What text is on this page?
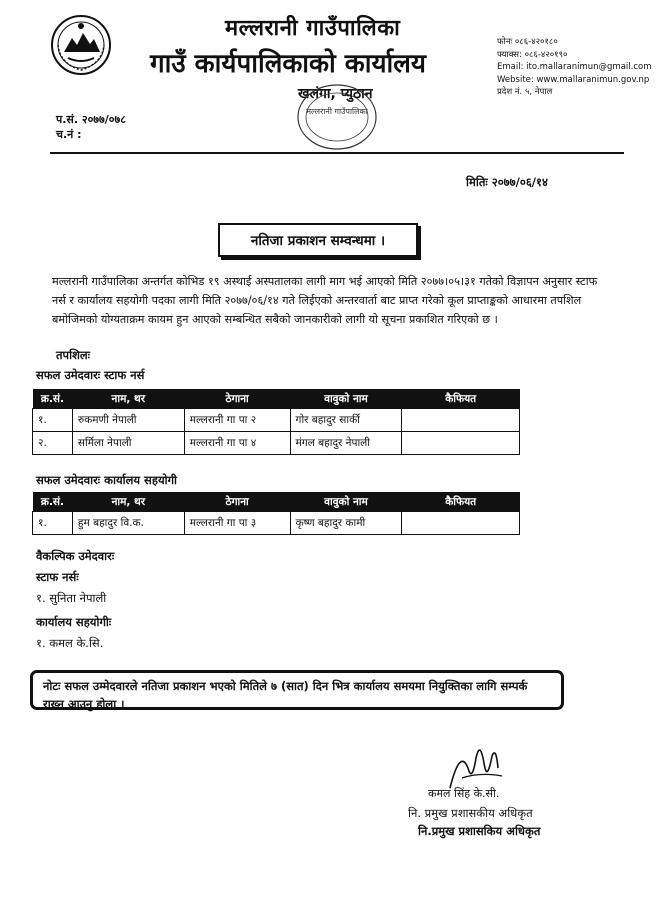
मल्लरानी गाउँपालिका
गाउँ कार्यपालिकाको कार्यालय
खलंगा, प्युठान
मल्लरानी गाउँपालिका
फोनः ०८६-४२०१८०
फ्याक्स: ०८६-४२०१९०
Email: ito.mallaranimun@gmail.com
Website: www.mallaranimun.gov.np
प्रदेश नं. ५, नेपाल
प.सं. २०७७/०७८
च.नं :
मितिः २०७७/०६/१४
नतिजा प्रकाशन सम्वन्धमा ।
मल्लरानी गाउँपालिका अन्तर्गत कोभिड १९ अस्थाई अस्पतालका लागी माग भई आएको मिति २०७७।०५।३१ गतेको विज्ञापन अनुसार स्टाफ नर्स र कार्यालय सहयोगी पदका लागी मिति २०७७/०६/१४ गते लिईएको अन्तरवार्ता बाट प्राप्त गरेको कूल प्राप्ताङ्कको आधारमा तपशिल बमोजिमको योग्यताक्रम कायम हुन आएको सम्बन्धित सबैको जानकारीको लागी यो सूचना प्रकाशित गरिएको छ ।
तपशिलः
सफल उमेदवारः स्टाफ नर्स
क्र.सं.	नाम, थर	ठेगाना	वावुको नाम	कैफियत
१.	रुकमणी नेपाली	मल्लरानी गा पा २	गोर बहादुर सार्की	
२.	सर्मिला नेपाली	मल्लरानी गा पा ४	मंगल बहादुर नेपाली	
सफल उमेदवारः कार्यालय सहयोगी
क्र.सं.	नाम, थर	ठेगाना	वावुको नाम	कैफियत
१.	हुम बहादुर वि.क.	मल्लरानी गा पा ३	कृष्ण बहादुर कामी	
वैकल्पिक उमेदवारः
स्टाफ नर्सः
१. सुनिता नेपाली
कार्यालय सहयोगीः
१. कमल के.सि.
नोटः सफल उम्मेदवारले नतिजा प्रकाशन भएको मितिले ७ (सात) दिन भित्र कार्यालय समयमा नियुक्तिका लागि सम्पर्क राख्न आउनु होला ।
कमल सिंह के.सी.
नि. प्रमुख प्रशासकीय अधिकृत
नि.प्रमुख प्रशासकिय अधिकृत
